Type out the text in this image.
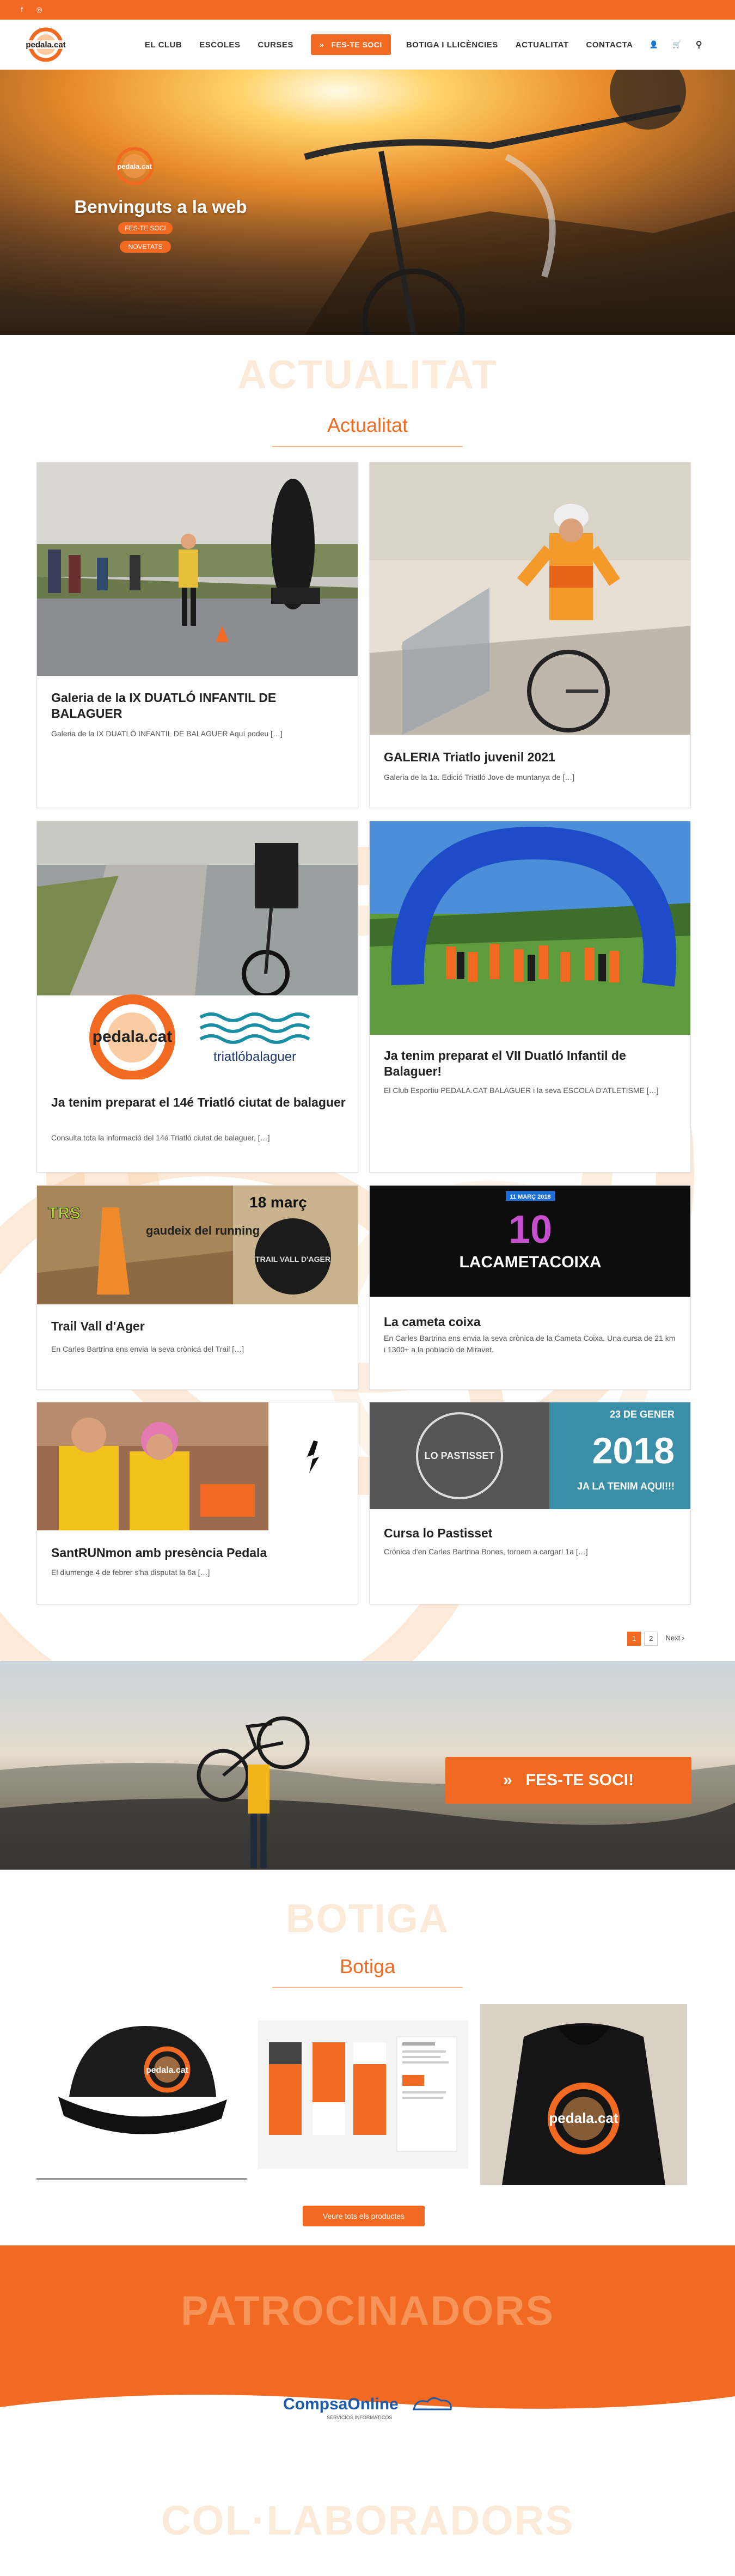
f	◎
pedala.cat	EL CLUB ESCOLES CURSES	» FES-TE SOCI	BOTIGA I LLICÈNCIES ACTUALITAT CONTACTA 👤 🛒 ⚲
pedala.cat
Benvinguts a la web
FES-TE SOCI
NOVETATS
ACTUALITAT
Actualitat
Galeria de la IX DUATLÓ INFANTIL DE BALAGUER

Galeria de la IX DUATLÓ INFANTIL DE BALAGUER Aquí podeu […]

GALERIA Triatlo juvenil 2021

Galeria de la 1a. Edició Triatló Jove de muntanya de […]

pedala.cat
triatlóbalaguer
Ja tenim preparat el 14é Triatló ciutat de balaguer

Consulta tota la informació del 14é Triatló ciutat de balaguer, […]

Ja tenim preparat el VII Duatló Infantil de Balaguer!

El Club Esportiu PEDALA.CAT BALAGUER i la seva ESCOLA D'ATLETISME […]

TRS
gaudeix del running
18 març
TRAIL VALL D'AGER
Trail Vall d'Ager

En Carles Bartrina ens envia la seva crònica del Trail […]

11 MARÇ 2018
10
LACAMETACOIXA
La cameta coixa

En Carles Bartrina ens envia la seva crònica de la Cameta Coixa. Una cursa de 21 km i 1300+ a la població de Miravet.

SantRUNmon amb presència Pedala

El diumenge 4 de febrer s'ha disputat la 6a […]

LO PASTISSET
23 DE GENER
2018
JA LA TENIM AQUI!!!
Cursa lo Pastisset

Crònica d'en Carles Bartrina Bones, tornem a cargar! 1a […]

1	2	Next ›
» FES-TE SOCI!
BOTIGA
Botiga
pedala.cat
pedala.cat
Veure tots els productes
PATROCINADORS
CompsaOnline
SERVICIOS INFORMÁTICOS
COL·LABORADORS
